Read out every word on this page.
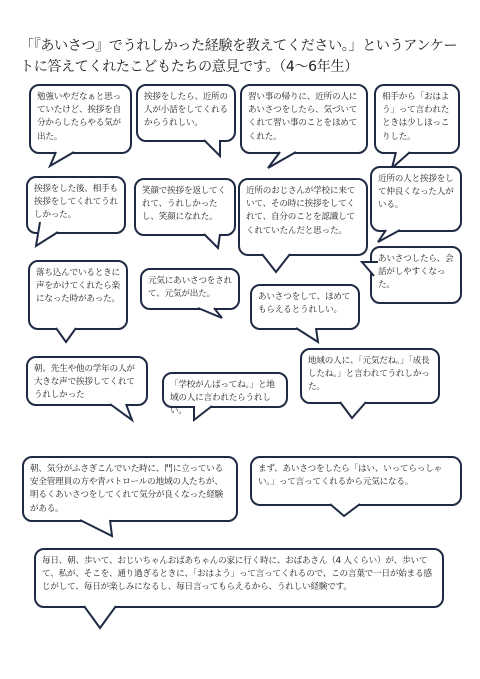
「『あいさつ』でうれしかった経験を教えてください。」というアンケートに答えてくれたこどもたちの意見です。（4〜6年生）
勉強いやだなぁと思っていたけど、挨拶を自分からしたらやる気が出た。
挨拶をしたら、近所の人が小話をしてくれるからうれしい。
習い事の帰りに、近所の人にあいさつをしたら、気づいてくれて習い事のことをほめてくれた。
相手から「おはよう」って言われたときは少しほっこりした。
挨拶をした後、相手も挨拶をしてくれてうれしかった。
笑顔で挨拶を返してくれて、うれしかったし、笑顔になれた。
近所のおじさんが学校に来ていて、その時に挨拶をしてくれて、自分のことを認識してくれていたんだと思った。
近所の人と挨拶をして仲良くなった人がいる。
落ち込んでいるときに声をかけてくれたら楽になった時があった。
元気にあいさつをされて、元気が出た。
あいさつしたら、会話がしやすくなった。
あいさつをして、ほめてもらえるとうれしい。
朝、先生や他の学年の人が大きな声で挨拶してくれてうれしかった
「学校がんばってね。」と地域の人に言われたらうれしい。
地域の人に、「元気だね。」「成長したね。」と言われてうれしかった。
朝、気分がふさぎこんでいた時に、門に立っている安全管理員の方や青パトロールの地域の人たちが、明るくあいさつをしてくれて気分が良くなった経験がある。
まず、あいさつをしたら「はい、いってらっしゃい。」って言ってくれるから元気になる。
毎日、朝、歩いて、おじいちゃんおばあちゃんの家に行く時に、おばあさん（4 人くらい）が、歩いてて、私が、そこを、通り過ぎるときに、「おはよう」って言ってくれるので、この言葉で一日が始まる感じがして、毎日が楽しみになるし、毎日言ってもらえるから、うれしい経験です。
